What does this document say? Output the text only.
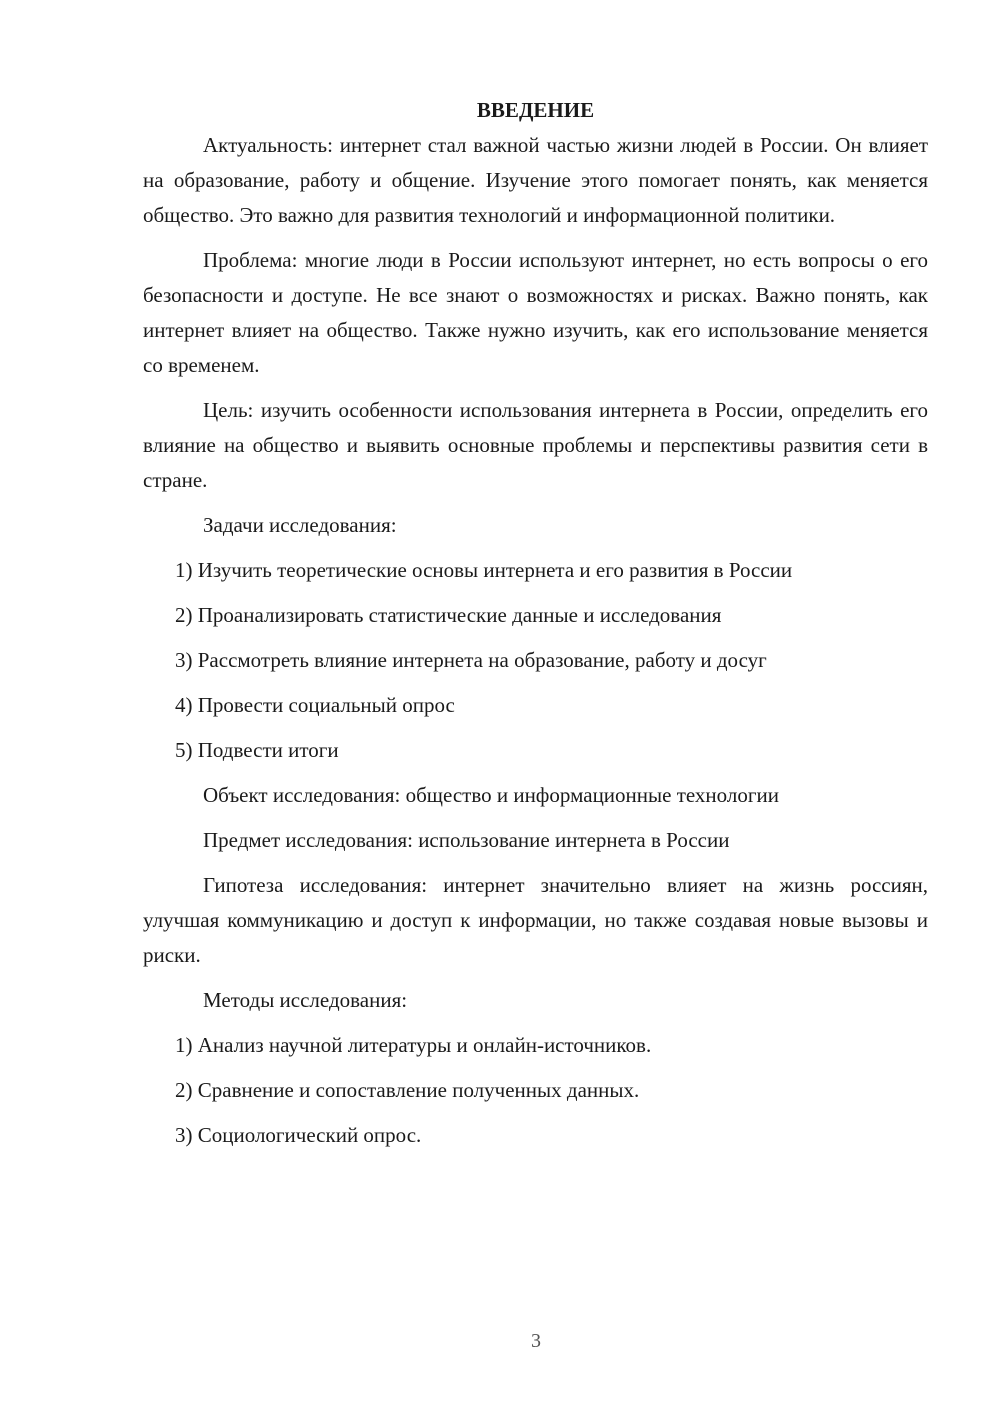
ВВЕДЕНИЕ

Актуальность: интернет стал важной частью жизни людей в России. Он влияет на образование, работу и общение. Изучение этого помогает понять, как меняется общество. Это важно для развития технологий и информационной политики.

Проблема: многие люди в России используют интернет, но есть вопросы о его безопасности и доступе. Не все знают о возможностях и рисках. Важно понять, как интернет влияет на общество. Также нужно изучить, как его использование меняется со временем.

Цель: изучить особенности использования интернета в России, определить его влияние на общество и выявить основные проблемы и перспективы развития сети в стране.

Задачи исследования:

1) Изучить теоретические основы интернета и его развития в России
2) Проанализировать статистические данные и исследования
3) Рассмотреть влияние интернета на образование, работу и досуг
4) Провести социальный опрос
5) Подвести итоги

Объект исследования: общество и информационные технологии

Предмет исследования: использование интернета в России

Гипотеза исследования: интернет значительно влияет на жизнь россиян, улучшая коммуникацию и доступ к информации, но также создавая новые вызовы и риски.

Методы исследования:

1) Анализ научной литературы и онлайн-источников.
2) Сравнение и сопоставление полученных данных.
3) Социологический опрос.
3
